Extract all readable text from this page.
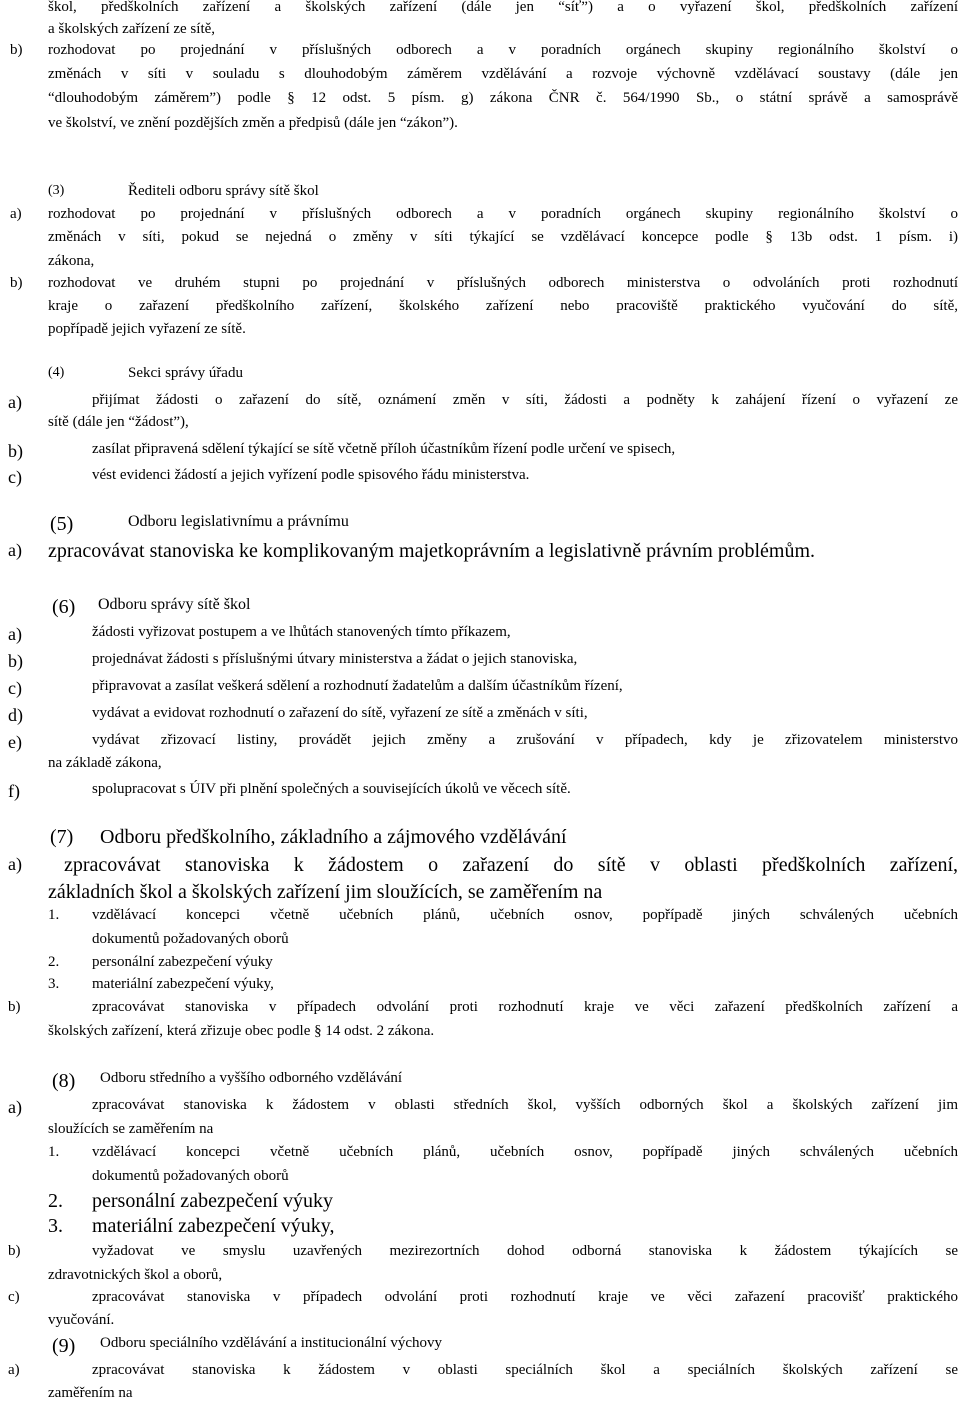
škol, předškolních zařízení a školských zařízení (dále jen “síť”) a o vyřazení škol, předškolních zařízení
a školských zařízení ze sítě,
b) rozhodovat po projednání v příslušných odborech a v poradních orgánech skupiny regionálního školství o
změnách v síti v souladu s dlouhodobým záměrem vzdělávání a rozvoje výchovně vzdělávací soustavy (dále jen
“dlouhodobým záměrem”) podle § 12 odst. 5 písm. g) zákona ČNR č. 564/1990 Sb., o státní správě a samosprávě
ve školství, ve znění pozdějších změn a předpisů (dále jen “zákon”).
(3)	Řediteli odboru správy sítě škol
a) rozhodovat po projednání v příslušných odborech a v poradních orgánech skupiny regionálního školství o
změnách v síti, pokud se nejedná o změny v síti týkající se vzdělávací koncepce podle § 13b odst. 1 písm. i)
zákona,
b) rozhodovat ve druhém stupni po projednání v příslušných odborech ministerstva o odvoláních proti rozhodnutí
kraje o zařazení předškolního zařízení, školského zařízení nebo pracoviště praktického vyučování do sítě,
popřípadě jejich vyřazení ze sítě.
(4)	Sekci správy úřadu
a)	přijímat žádosti o zařazení do sítě, oznámení změn v síti, žádosti a podněty k zahájení řízení o vyřazení ze
sítě (dále jen “žádost”),
b)	zasílat připravená sdělení týkající se sítě včetně příloh účastníkům řízení podle určení ve spisech,
c)	vést evidenci žádostí a jejich vyřízení podle spisového řádu ministerstva.
(5)	Odboru legislativnímu a právnímu
a) zpracovávat stanoviska ke komplikovaným majetkoprávním a legislativně právním problémům.
(6) Odboru správy sítě škol
a)	žádosti vyřizovat postupem a ve lhůtách stanovených tímto příkazem,
b)	projednávat žádosti s příslušnými útvary ministerstva a žádat o jejich stanoviska,
c)	připravovat a zasílat veškerá sdělení a rozhodnutí žadatelům a dalším účastníkům řízení,
d)	vydávat a evidovat rozhodnutí o zařazení do sítě, vyřazení ze sítě a změnách v síti,
e)	vydávat zřizovací listiny, provádět jejich změny a zrušování v případech, kdy je zřizovatelem ministerstvo
na základě zákona,
f)	spolupracovat s ÚIV při plnění společných a souvisejících úkolů ve věcech sítě.
(7) Odboru předškolního, základního a zájmového vzdělávání
a) zpracovávat stanoviska k žádostem o zařazení do sítě v oblasti předškolních zařízení,
základních škol a školských zařízení jim sloužících, se zaměřením na
1. vzdělávací koncepci včetně učebních plánů, učebních osnov, popřípadě jiných schválených učebních
dokumentů požadovaných oborů
2. personální zabezpečení výuky
3. materiální zabezpečení výuky,
b)	zpracovávat stanoviska v případech odvolání proti rozhodnutí kraje ve věci zařazení předškolních zařízení a
školských zařízení, která zřizuje obec podle § 14 odst. 2 zákona.
(8) Odboru středního a vyššího odborného vzdělávání
a)	zpracovávat stanoviska k žádostem v oblasti středních škol, vyšších odborných škol a školských zařízení jim
sloužících se zaměřením na
1. vzdělávací koncepci včetně učebních plánů, učebních osnov, popřípadě jiných schválených učebních
dokumentů požadovaných oborů
2. personální zabezpečení výuky
3. materiální zabezpečení výuky,
b)	vyžadovat ve smyslu uzavřených mezirezortních dohod odborná stanoviska k žádostem týkajících se
zdravotnických škol a oborů,
c)	zpracovávat stanoviska v případech odvolání proti rozhodnutí kraje ve věci zařazení pracovišť praktického
vyučování.
(9) Odboru speciálního vzdělávání a institucionální výchovy
a)	zpracovávat stanoviska k žádostem v oblasti speciálních škol a speciálních školských zařízení se
zaměřením na
